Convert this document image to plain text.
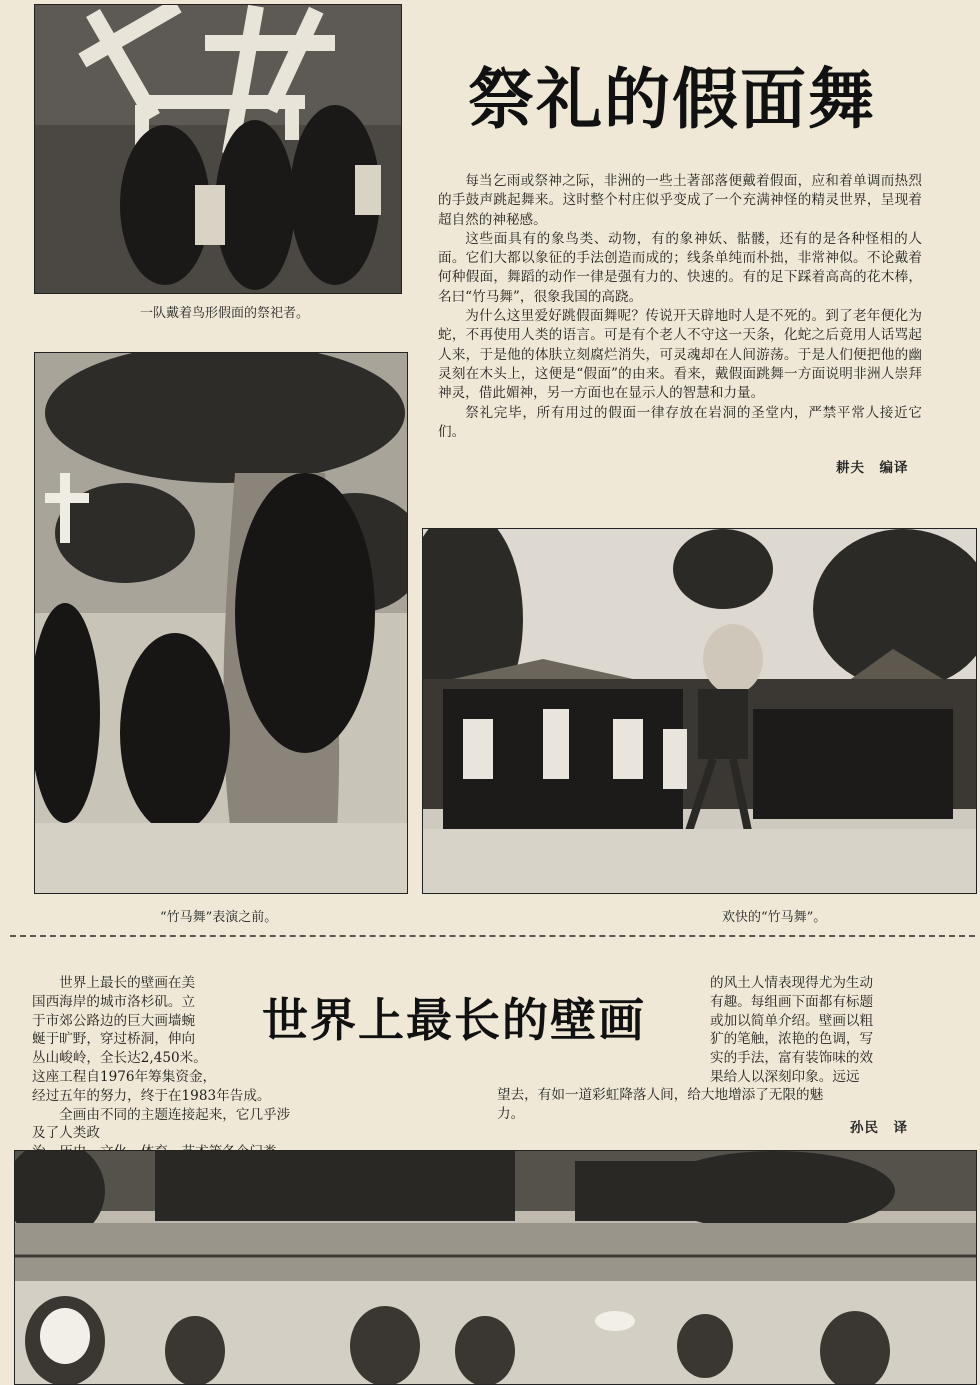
一队戴着鸟形假面的祭祀者。
“竹马舞”表演之前。	欢快的“竹马舞”。
祭礼的假面舞

每当乞雨或祭神之际，非洲的一些土著部落便戴着假面，应和着单调而热烈的手鼓声跳起舞来。这时整个村庄似乎变成了一个充满神怪的精灵世界，呈现着超自然的神秘感。

这些面具有的象鸟类、动物，有的象神妖、骷髅，还有的是各种怪相的人面。它们大都以象征的手法创造而成的；线条单纯而朴拙，非常神似。不论戴着何种假面，舞蹈的动作一律是强有力的、快速的。有的足下踩着高高的花木棒，名曰“竹马舞”，很象我国的高跷。

为什么这里爱好跳假面舞呢？传说开天辟地时人是不死的。到了老年便化为蛇，不再使用人类的语言。可是有个老人不守这一天条，化蛇之后竟用人话骂起人来，于是他的体肤立刻腐烂消失，可灵魂却在人间游荡。于是人们便把他的幽灵刻在木头上，这便是“假面”的由来。看来，戴假面跳舞一方面说明非洲人崇拜神灵，借此媚神，另一方面也在显示人的智慧和力量。

祭礼完毕，所有用过的假面一律存放在岩洞的圣堂内，严禁平常人接近它们。

耕夫　编译
世界上最长的壁画

　　世界上最长的壁画在美

国西海岸的城市洛杉矶。立

于市郊公路边的巨大画墙蜿

蜒于旷野，穿过桥洞，伸向

丛山峻岭，全长达2,450米。

这座工程自1976年筹集资金，

经过五年的努力，终于在1983年告成。

　　全画由不同的主题连接起来，它几乎涉及了人类政

的风土人情表现得尤为生动

有趣。每组画下面都有标题

或加以简单介绍。壁画以粗

犷的笔触，浓艳的色调，写

实的手法，富有装饰味的效

果给人以深刻印象。远远

望去，有如一道彩虹降落人间，给大地增添了无限的魅

力。

孙民　译
